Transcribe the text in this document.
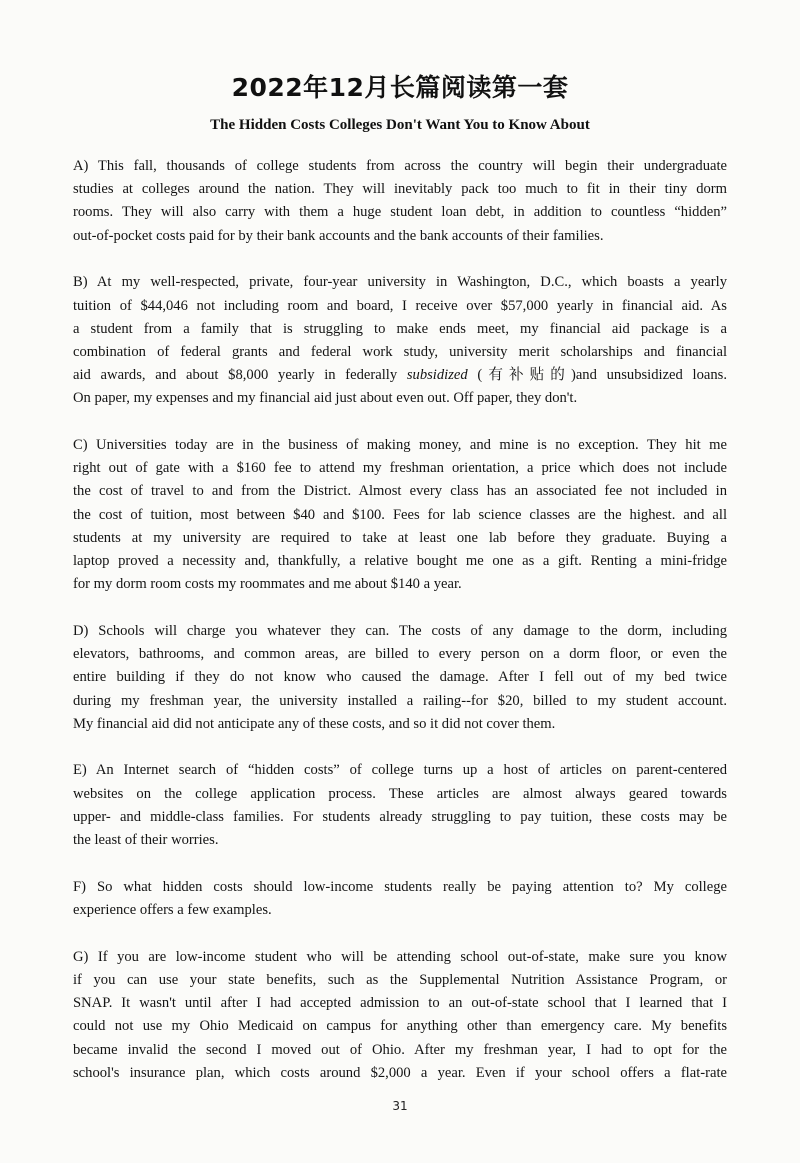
2022年12月长篇阅读第一套
The Hidden Costs Colleges Don't Want You to Know About
A) This fall, thousands of college students from across the country will begin their undergraduate
studies at colleges around the nation. They will inevitably pack too much to fit in their tiny dorm
rooms. They will also carry with them a huge student loan debt, in addition to countless “hidden”
out-of-pocket costs paid for by their bank accounts and the bank accounts of their families.
B) At my well-respected, private, four-year university in Washington, D.C., which boasts a yearly
tuition of $44,046 not including room and board, I receive over $57,000 yearly in financial aid. As
a student from a family that is struggling to make ends meet, my financial aid package is a
combination of federal grants and federal work study, university merit scholarships and financial
aid awards, and about $8,000 yearly in federally subsidized (有补贴的)and unsubsidized loans.
On paper, my expenses and my financial aid just about even out. Off paper, they don't.
C) Universities today are in the business of making money, and mine is no exception. They hit me
right out of gate with a $160 fee to attend my freshman orientation, a price which does not include
the cost of travel to and from the District. Almost every class has an associated fee not included in
the cost of tuition, most between $40 and $100. Fees for lab science classes are the highest. and all
students at my university are required to take at least one lab before they graduate. Buying a
laptop proved a necessity and, thankfully, a relative bought me one as a gift. Renting a mini-fridge
for my dorm room costs my roommates and me about $140 a year.
D) Schools will charge you whatever they can. The costs of any damage to the dorm, including
elevators, bathrooms, and common areas, are billed to every person on a dorm floor, or even the
entire building if they do not know who caused the damage. After I fell out of my bed twice
during my freshman year, the university installed a railing--for $20, billed to my student account.
My financial aid did not anticipate any of these costs, and so it did not cover them.
E) An Internet search of “hidden costs” of college turns up a host of articles on parent-centered
websites on the college application process. These articles are almost always geared towards
upper- and middle-class families. For students already struggling to pay tuition, these costs may be
the least of their worries.
F) So what hidden costs should low-income students really be paying attention to? My college
experience offers a few examples.
G) If you are low-income student who will be attending school out-of-state, make sure you know
if you can use your state benefits, such as the Supplemental Nutrition Assistance Program, or
SNAP. It wasn't until after I had accepted admission to an out-of-state school that I learned that I
could not use my Ohio Medicaid on campus for anything other than emergency care. My benefits
became invalid the second I moved out of Ohio. After my freshman year, I had to opt for the
school's insurance plan, which costs around $2,000 a year. Even if your school offers a flat-rate
31
